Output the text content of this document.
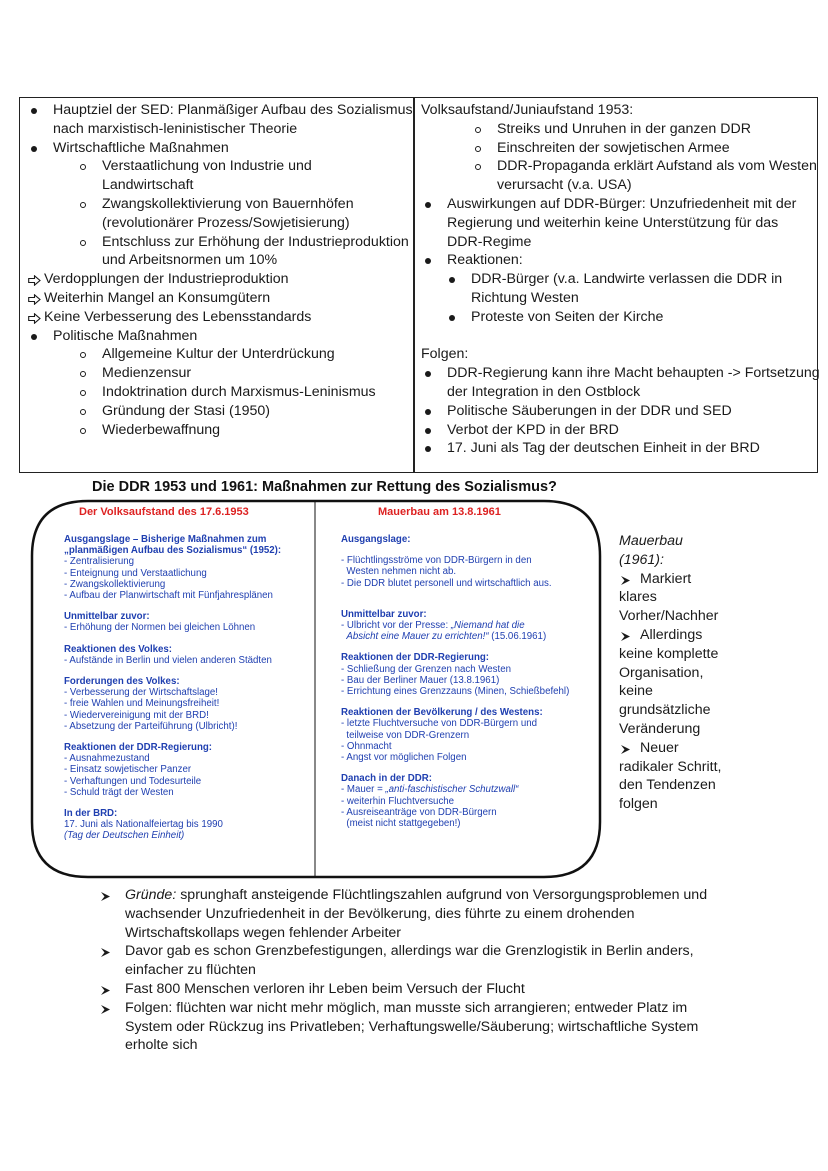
Hauptziel der SED: Planmäßiger Aufbau des Sozialismus
nach marxistisch-leninistischer Theorie
Wirtschaftliche Maßnahmen
Verstaatlichung von Industrie und
Landwirtschaft
Zwangskollektivierung von Bauernhöfen
(revolutionärer Prozess/Sowjetisierung)
Entschluss zur Erhöhung der Industrieproduktion
und Arbeitsnormen um 10%
Verdopplungen der Industrieproduktion
Weiterhin Mangel an Konsumgütern
Keine Verbesserung des Lebensstandards
Politische Maßnahmen
Allgemeine Kultur der Unterdrückung
Medienzensur
Indoktrination durch Marxismus-Leninismus
Gründung der Stasi (1950)
Wiederbewaffnung
Volksaufstand/Juniaufstand 1953:
Streiks und Unruhen in der ganzen DDR
Einschreiten der sowjetischen Armee
DDR-Propaganda erklärt Aufstand als vom Westen
verursacht (v.a. USA)
Auswirkungen auf DDR-Bürger: Unzufriedenheit mit der
Regierung und weiterhin keine Unterstützung für das
DDR-Regime
Reaktionen:
DDR-Bürger (v.a. Landwirte verlassen die DDR in
Richtung Westen
Proteste von Seiten der Kirche
Folgen:
DDR-Regierung kann ihre Macht behaupten -> Fortsetzung
der Integration in den Ostblock
Politische Säuberungen in der DDR und SED
Verbot der KPD in der BRD
17. Juni als Tag der deutschen Einheit in der BRD
Die DDR 1953 und 1961: Maßnahmen zur Rettung des Sozialismus?
Der Volksaufstand des 17.6.1953	Mauerbau am 13.8.1961
Ausgangslage – Bisherige Maßnahmen zum
„planmäßigen Aufbau des Sozialismus“ (1952):
- Zentralisierung
- Enteignung und Verstaatlichung
- Zwangskollektivierung
- Aufbau der Planwirtschaft mit Fünfjahresplänen
Unmittelbar zuvor:
- Erhöhung der Normen bei gleichen Löhnen
Reaktionen des Volkes:
- Aufstände in Berlin und vielen anderen Städten
Forderungen des Volkes:
- Verbesserung der Wirtschaftslage!
- freie Wahlen und Meinungsfreiheit!
- Wiedervereinigung mit der BRD!
- Absetzung der Parteiführung (Ulbricht)!
Reaktionen der DDR-Regierung:
- Ausnahmezustand
- Einsatz sowjetischer Panzer
- Verhaftungen und Todesurteile
- Schuld trägt der Westen
In der BRD:
17. Juni als Nationalfeiertag bis 1990
(Tag der Deutschen Einheit)
Ausgangslage:
- Flüchtlingsströme von DDR-Bürgern in den
Westen nehmen nicht ab.
- Die DDR blutet personell und wirtschaftlich aus.
Unmittelbar zuvor:
- Ulbricht vor der Presse: „Niemand hat die
Absicht eine Mauer zu errichten!“ (15.06.1961)
Reaktionen der DDR-Regierung:
- Schließung der Grenzen nach Westen
- Bau der Berliner Mauer (13.8.1961)
- Errichtung eines Grenzzauns (Minen, Schießbefehl)
Reaktionen der Bevölkerung / des Westens:
- letzte Fluchtversuche von DDR-Bürgern und
teilweise von DDR-Grenzern
- Ohnmacht
- Angst vor möglichen Folgen
Danach in der DDR:
- Mauer = „anti-faschistischer Schutzwall“
- weiterhin Fluchtversuche
- Ausreiseanträge von DDR-Bürgern
(meist nicht stattgegeben!)
Mauerbau
(1961):
Markiert
klares
Vorher/Nachher
Allerdings
keine komplette
Organisation,
keine
grundsätzliche
Veränderung
Neuer
radikaler Schritt,
den Tendenzen
folgen
Gründe: sprunghaft ansteigende Flüchtlingszahlen aufgrund von Versorgungsproblemen und
wachsender Unzufriedenheit in der Bevölkerung, dies führte zu einem drohenden
Wirtschaftskollaps wegen fehlender Arbeiter
Davor gab es schon Grenzbefestigungen, allerdings war die Grenzlogistik in Berlin anders,
einfacher zu flüchten
Fast 800 Menschen verloren ihr Leben beim Versuch der Flucht
Folgen: flüchten war nicht mehr möglich, man musste sich arrangieren; entweder Platz im
System oder Rückzug ins Privatleben; Verhaftungswelle/Säuberung; wirtschaftliche System
erholte sich
